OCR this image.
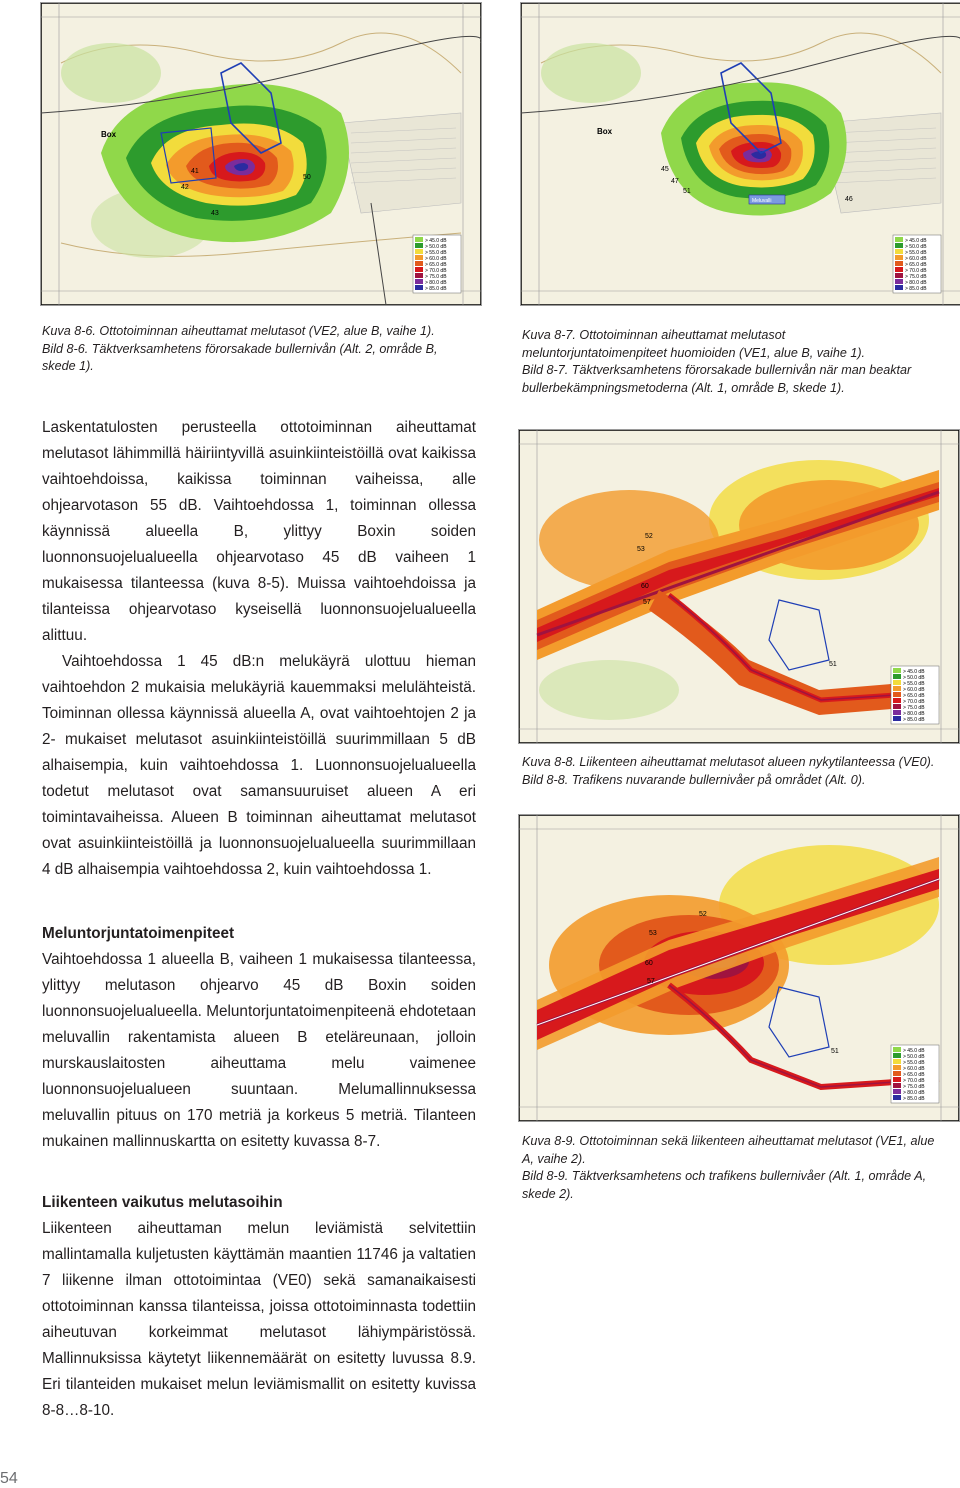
Box
41
42
43
50
> 45.0 dB
> 50.0 dB
> 55.0 dB
> 60.0 dB
> 65.0 dB
> 70.0 dB
> 75.0 dB
> 80.0 dB
> 85.0 dB
Box
45
47
51
46
Meluvalli
> 45.0 dB
> 50.0 dB
> 55.0 dB
> 60.0 dB
> 65.0 dB
> 70.0 dB
> 75.0 dB
> 80.0 dB
> 85.0 dB

Kuva 8-6. Ottotoiminnan aiheuttamat melutasot (VE2, alue B, vaihe 1).

Bild 8-6. Täktverksamhetens förorsakade bullernivån (Alt. 2, område B,

skede 1).

Kuva 8-7. Ottotoiminnan aiheuttamat melutasot

meluntorjuntatoimenpiteet huomioiden (VE1, alue B, vaihe 1).

Bild 8-7. Täktverksamhetens förorsakade bullernivån när man beaktar

bullerbekämpningsmetoderna (Alt. 1, område B, skede 1).

53
52
60
57
51
> 45.0 dB
> 50.0 dB
> 55.0 dB
> 60.0 dB
> 65.0 dB
> 70.0 dB
> 75.0 dB
> 80.0 dB
> 85.0 dB

Kuva 8-8. Liikenteen aiheuttamat melutasot alueen nykytilanteessa (VE0).

Bild 8-8. Trafikens nuvarande bullernivåer på området (Alt. 0).

52
53
60
57
51	> 45.0 dB
> 50.0 dB
> 55.0 dB
> 60.0 dB
> 65.0 dB
> 70.0 dB
> 75.0 dB
> 80.0 dB
> 85.0 dB

Kuva 8-9. Ottotoiminnan sekä liikenteen aiheuttamat melutasot (VE1, alue

A, vaihe 2).

Bild 8-9. Täktverksamhetens och trafikens bullernivåer (Alt. 1, område A,

skede 2).

Laskentatulosten perusteella ottotoiminnan aiheuttamat melutasot lähimmillä häiriintyvillä asuinkiinteistöillä ovat kaikissa vaihtoehdoissa, kaikissa toiminnan vaiheissa, alle ohjearvotason 55 dB. Vaihtoehdossa 1, toiminnan ollessa käynnissä alueella B, ylittyy Boxin soiden luonnonsuojelualueella ohjearvotaso 45 dB vaiheen 1 mukaisessa tilanteessa (kuva 8-5). Muissa vaihtoehdoissa ja tilanteissa ohjearvotaso kyseisellä luonnonsuojelualueella alittuu.

Vaihtoehdossa 1 45 dB:n melukäyrä ulottuu hieman vaihtoehdon 2 mukaisia melukäyriä kauemmaksi melulähteistä. Toiminnan ollessa käynnissä alueella A, ovat vaihtoehtojen 2 ja 2- mukaiset melutasot asuinkiinteistöillä suurimmillaan 5 dB alhaisempia, kuin vaihtoehdossa 1. Luonnonsuojelualueella todetut melutasot ovat samansuuruiset alueen A eri toimintavaiheissa. Alueen B toiminnan aiheuttamat melutasot ovat asuinkiinteistöillä ja luonnonsuojelualueella suurimmillaan 4 dB alhaisempia vaihtoehdossa 2, kuin vaihtoehdossa 1.

Meluntorjuntatoimenpiteet

Vaihtoehdossa 1 alueella B, vaiheen 1 mukaisessa tilanteessa, ylittyy melutason ohjearvo 45 dB Boxin soiden luonnonsuojelualueella. Meluntorjuntatoimenpiteenä ehdotetaan meluvallin rakentamista alueen B eteläreunaan, jolloin murskauslaitosten aiheuttama melu vaimenee luonnonsuojelualueen suuntaan. Melumallinnuksessa meluvallin pituus on 170 metriä ja korkeus 5 metriä. Tilanteen mukainen mallinnuskartta on esitetty kuvassa 8-7.

Liikenteen vaikutus melutasoihin

Liikenteen aiheuttaman melun leviämistä selvitettiin mallintamalla kuljetusten käyttämän maantien 11746 ja valtatien 7 liikenne ilman ottotoimintaa (VE0) sekä samanaikaisesti ottotoiminnan kanssa tilanteissa, joissa ottotoiminnasta todettiin aiheutuvan korkeimmat melutasot lähiympäristössä. Mallinnuksissa käytetyt liikennemäärät on esitetty luvussa 8.9. Eri tilanteiden mukaiset melun leviämismallit on esitetty kuvissa 8-8…8-10.

54
